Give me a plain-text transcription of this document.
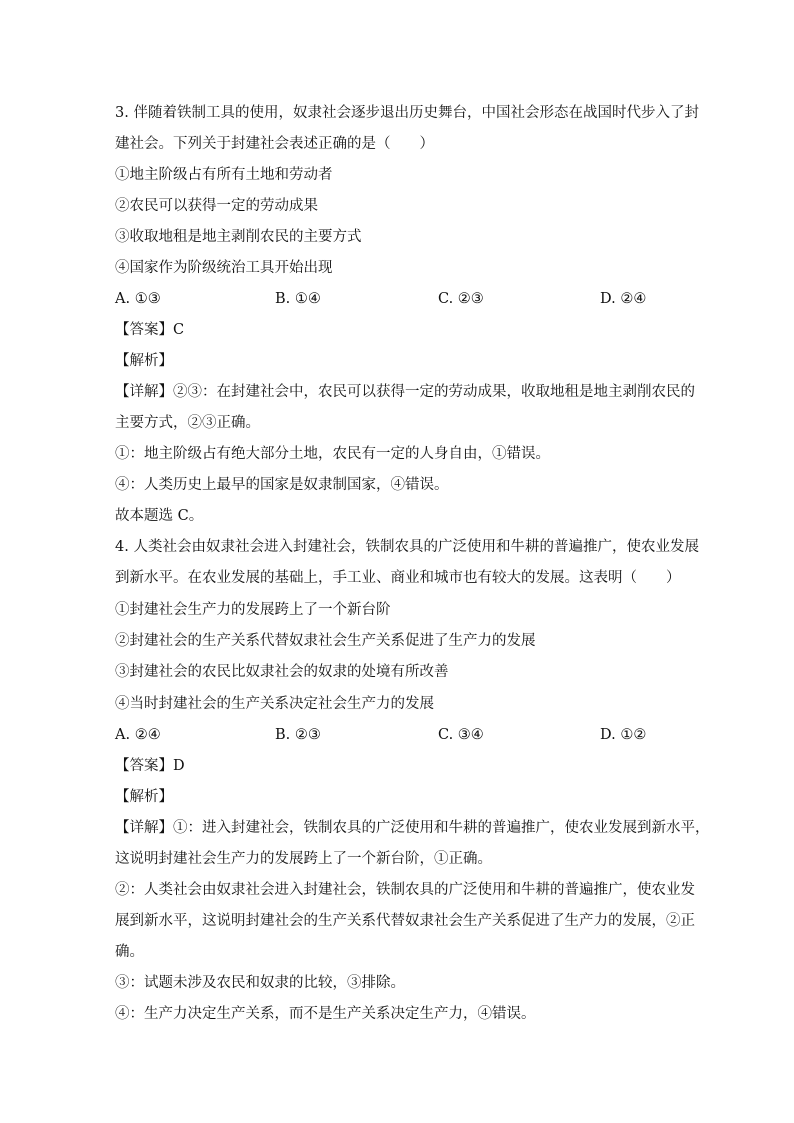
3. 伴随着铁制工具的使用，奴隶社会逐步退出历史舞台，中国社会形态在战国时代步入了封
建社会。下列关于封建社会表述正确的是（　　）
①地主阶级占有所有土地和劳动者
②农民可以获得一定的劳动成果
③收取地租是地主剥削农民的主要方式
④国家作为阶级统治工具开始出现
A. ①③	B. ①④	C. ②③	D. ②④
【答案】C
【解析】
【详解】②③：在封建社会中，农民可以获得一定的劳动成果，收取地租是地主剥削农民的
主要方式，②③正确。
①：地主阶级占有绝大部分土地，农民有一定的人身自由，①错误。
④：人类历史上最早的国家是奴隶制国家，④错误。
故本题选 C。
4. 人类社会由奴隶社会进入封建社会，铁制农具的广泛使用和牛耕的普遍推广，使农业发展
到新水平。在农业发展的基础上，手工业、商业和城市也有较大的发展。这表明（　　）
①封建社会生产力的发展跨上了一个新台阶
②封建社会的生产关系代替奴隶社会生产关系促进了生产力的发展
③封建社会的农民比奴隶社会的奴隶的处境有所改善
④当时封建社会的生产关系决定社会生产力的发展
A. ②④	B. ②③	C. ③④	D. ①②
【答案】D
【解析】
【详解】①：进入封建社会，铁制农具的广泛使用和牛耕的普遍推广，使农业发展到新水平，
这说明封建社会生产力的发展跨上了一个新台阶，①正确。
②：人类社会由奴隶社会进入封建社会，铁制农具的广泛使用和牛耕的普遍推广，使农业发
展到新水平，这说明封建社会的生产关系代替奴隶社会生产关系促进了生产力的发展，②正
确。
③：试题未涉及农民和奴隶的比较，③排除。
④：生产力决定生产关系，而不是生产关系决定生产力，④错误。
